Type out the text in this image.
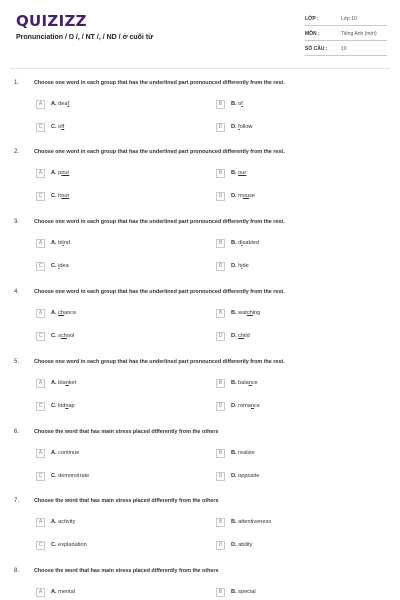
QUIZIZZ
Pronunciation / Ŋ /, / NT /, / ND / ở cuối từ
LỚP :	Lớp 10
MÔN :	Tiếng Anh (mới)
SỐ CÂU :	10
1.	Choose one word in each group that has the underlined part pronounced differently from the rest.
A	A. deaf	B	B. of
C	C. off	D	D. follow
2.	Choose one word in each group that has the underlined part pronounced differently from the rest.
A	A. pour	B	B. our
C	C. hour	D	D. mouse
3.	Choose one word in each group that has the underlined part pronounced differently from the rest.
A	A. blind	B	B. disabled
C	C. idea	D	D. hide
4.	Choose one word in each group that has the underlined part pronounced differently from the rest.
A	A. chance	B	B. watching
C	C. school	D	D. child
5.	Choose one word in each group that has the underlined part pronounced differently from the rest.
A	A. blanket	B	B. balance
C	C. kidnap	D	D. romance
6.	Choose the word that has main stress placed differently from the others
A	A. continue	B	B. realize
C	C. demonstrate	D	D. opposite
7.	Choose the word that has main stress placed differently from the others
A	A. activity	B	B. attentiveness
C	C. explanation	D	D. ability
8.	Choose the word that has main stress placed differently from the others
A	A. mental	B	B. special
